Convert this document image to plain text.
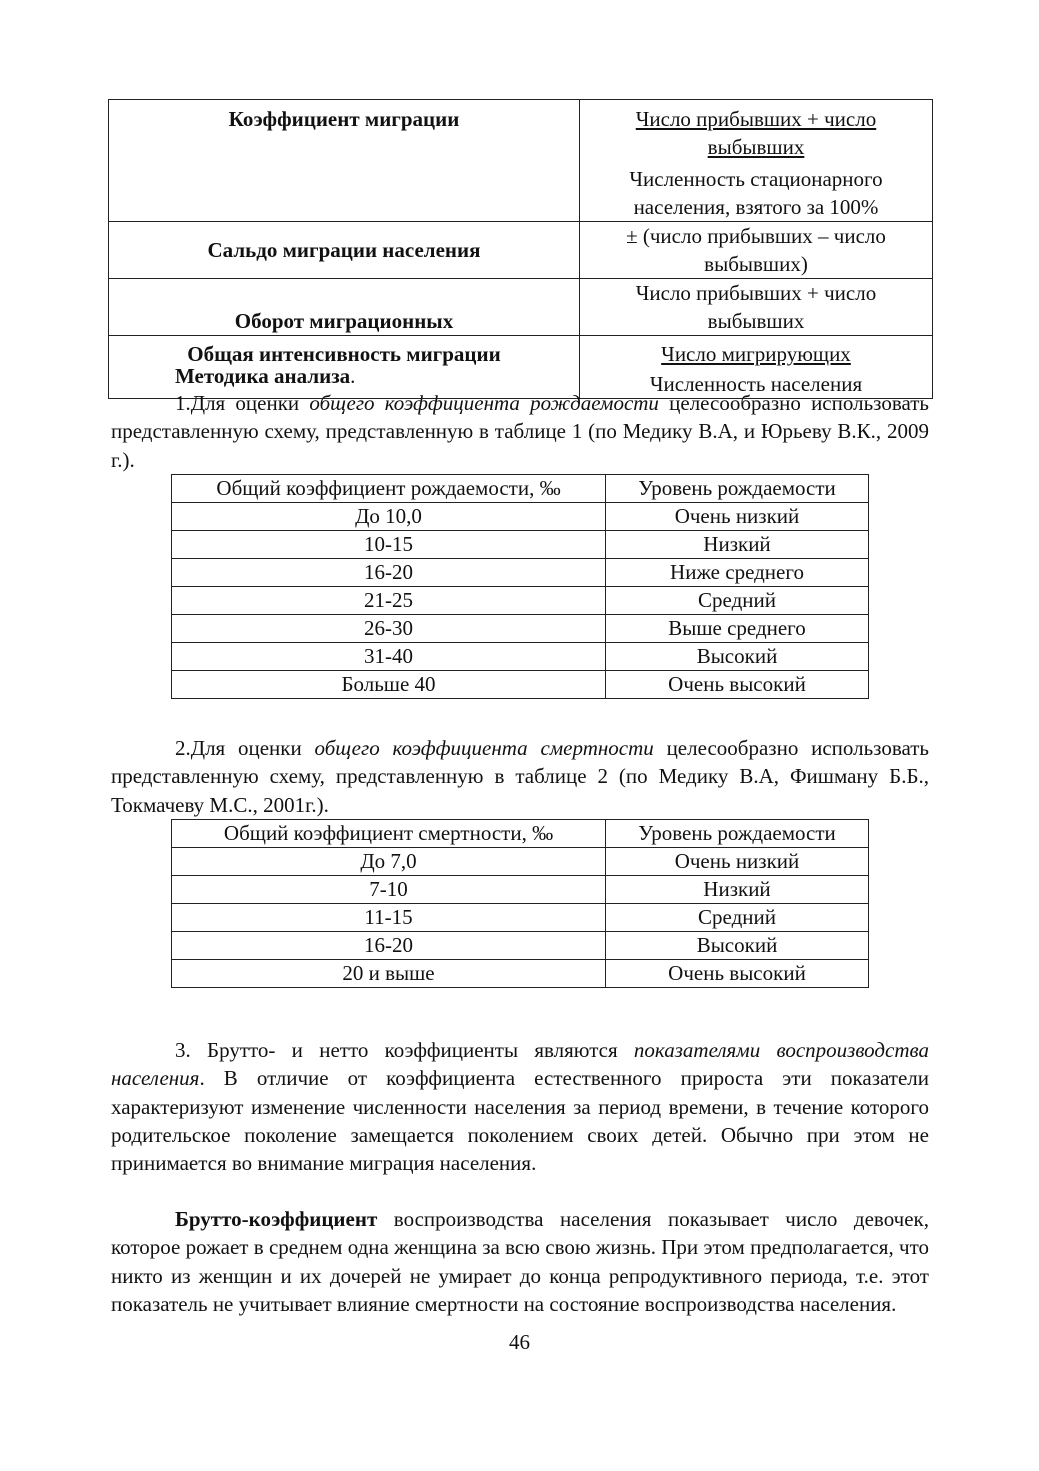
Коэффициент миграции	Число прибывших + число выбывших
Численность стационарного населения, взятого за 100%

Сальдо миграции населения	± (число прибывших – число выбывших)
Оборот миграционных	Число прибывших + число выбывших
Общая интенсивность миграции	Число мигрирующих
Численность населения
Методика анализа.

1.Для оценки общего коэффициента рождаемости целесообразно использовать представленную схему, представленную в таблице 1 (по Медику В.А, и Юрьеву В.К., 2009 г.).

Общий коэффициент рождаемости, ‰	Уровень рождаемости
До 10,0	Очень низкий
10-15	Низкий
16-20	Ниже среднего
21-25	Средний
26-30	Выше среднего
31-40	Высокий
Больше 40	Очень высокий

2.Для оценки общего коэффициента смертности целесообразно использовать представленную схему, представленную в таблице 2 (по Медику В.А, Фишману Б.Б., Токмачеву М.С., 2001г.).

Общий коэффициент смертности, ‰	Уровень рождаемости
До 7,0	Очень низкий
7-10	Низкий
11-15	Средний
16-20	Высокий
20 и выше	Очень высокий

3. Брутто- и нетто коэффициенты являются показателями воспроизводства населения. В отличие от коэффициента естественного прироста эти показатели характеризуют изменение численности населения за период времени, в течение которого родительское поколение замещается поколением своих детей. Обычно при этом не принимается во внимание миграция населения.

Брутто-коэффициент воспроизводства населения показывает число девочек, которое рожает в среднем одна женщина за всю свою жизнь. При этом предполагается, что никто из женщин и их дочерей не умирает до конца репродуктивного периода, т.е. этот показатель не учитывает влияние смертности на состояние воспроизводства населения.

46
